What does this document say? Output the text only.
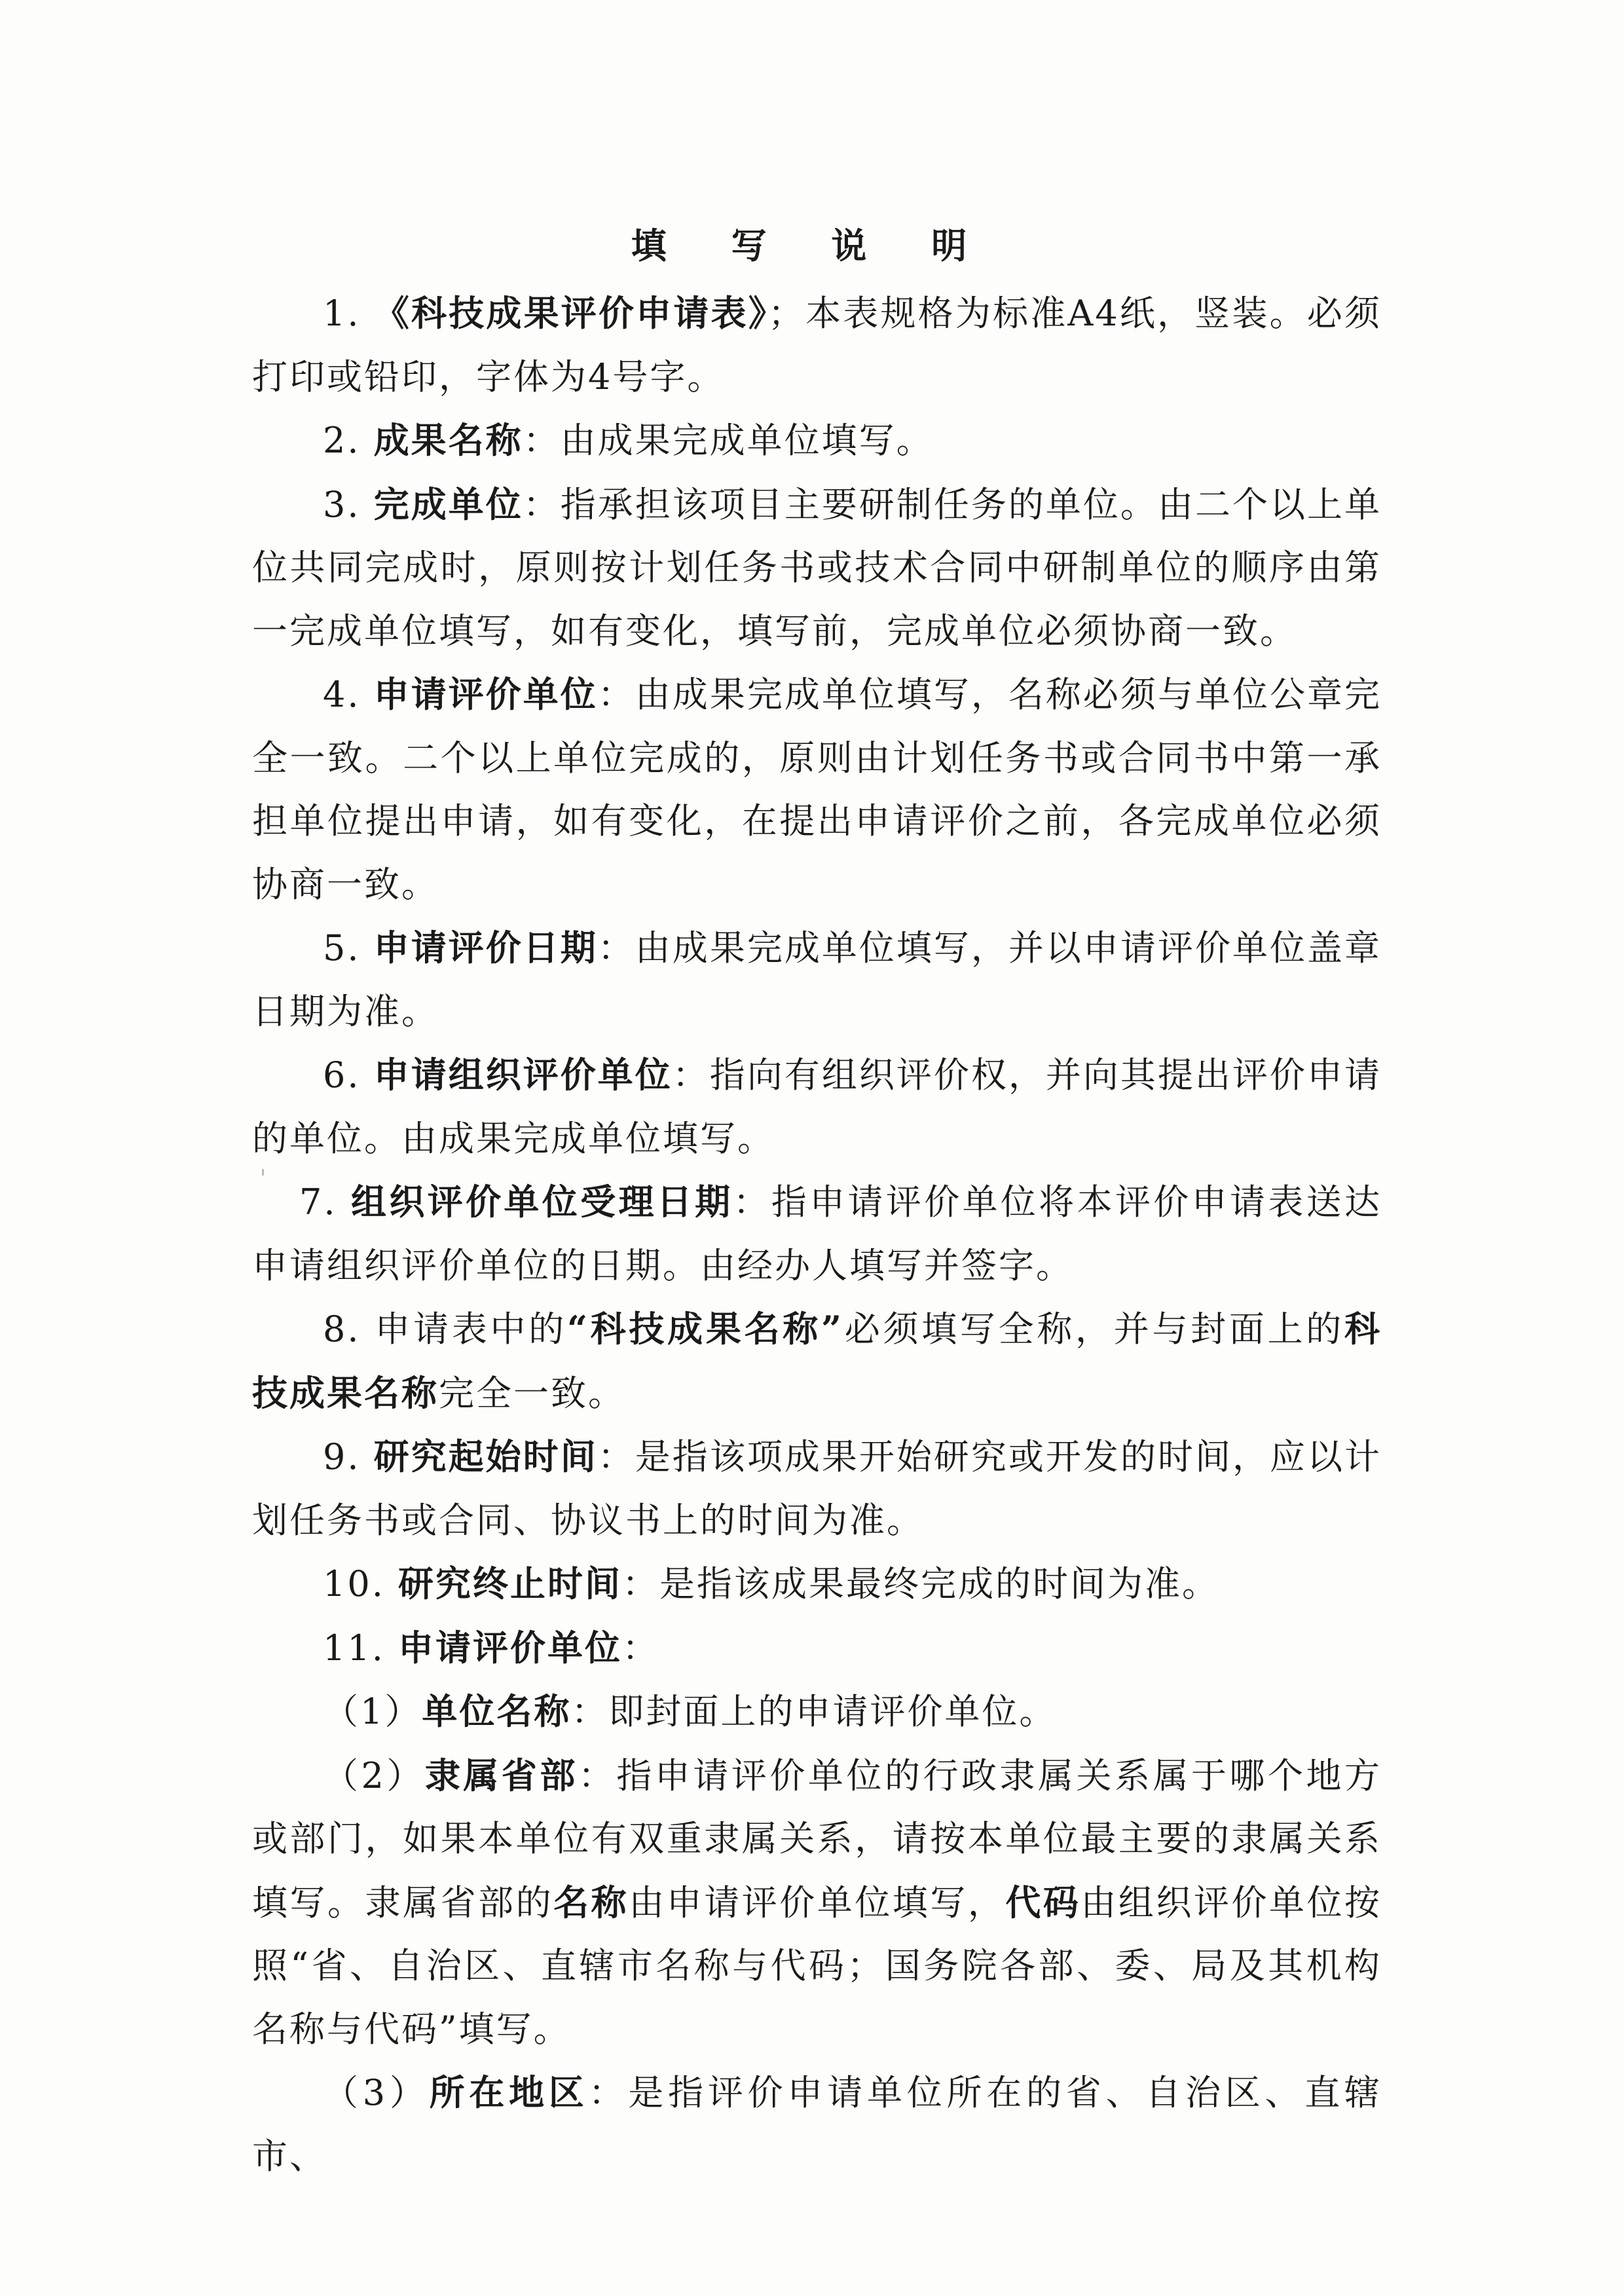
填 写 说 明

1. 《科技成果评价申请表》；本表规格为标准A4纸，竖装。必须打印或铅印，字体为4号字。

2. 成果名称：由成果完成单位填写。

3. 完成单位：指承担该项目主要研制任务的单位。由二个以上单位共同完成时，原则按计划任务书或技术合同中研制单位的顺序由第一完成单位填写，如有变化，填写前，完成单位必须协商一致。

4. 申请评价单位：由成果完成单位填写，名称必须与单位公章完全一致。二个以上单位完成的，原则由计划任务书或合同书中第一承担单位提出申请，如有变化，在提出申请评价之前，各完成单位必须协商一致。

5. 申请评价日期：由成果完成单位填写，并以申请评价单位盖章日期为准。

6. 申请组织评价单位：指向有组织评价权，并向其提出评价申请的单位。由成果完成单位填写。

7. 组织评价单位受理日期：指申请评价单位将本评价申请表送达申请组织评价单位的日期。由经办人填写并签字。

8. 申请表中的“科技成果名称”必须填写全称，并与封面上的科技成果名称完全一致。

9. 研究起始时间：是指该项成果开始研究或开发的时间，应以计划任务书或合同、协议书上的时间为准。

10. 研究终止时间：是指该成果最终完成的时间为准。

11. 申请评价单位：

（1）单位名称：即封面上的申请评价单位。

（2）隶属省部：指申请评价单位的行政隶属关系属于哪个地方或部门，如果本单位有双重隶属关系，请按本单位最主要的隶属关系填写。隶属省部的名称由申请评价单位填写，代码由组织评价单位按照“省、自治区、直辖市名称与代码；国务院各部、委、局及其机构名称与代码”填写。

（3）所在地区：是指评价申请单位所在的省、自治区、直辖市、
